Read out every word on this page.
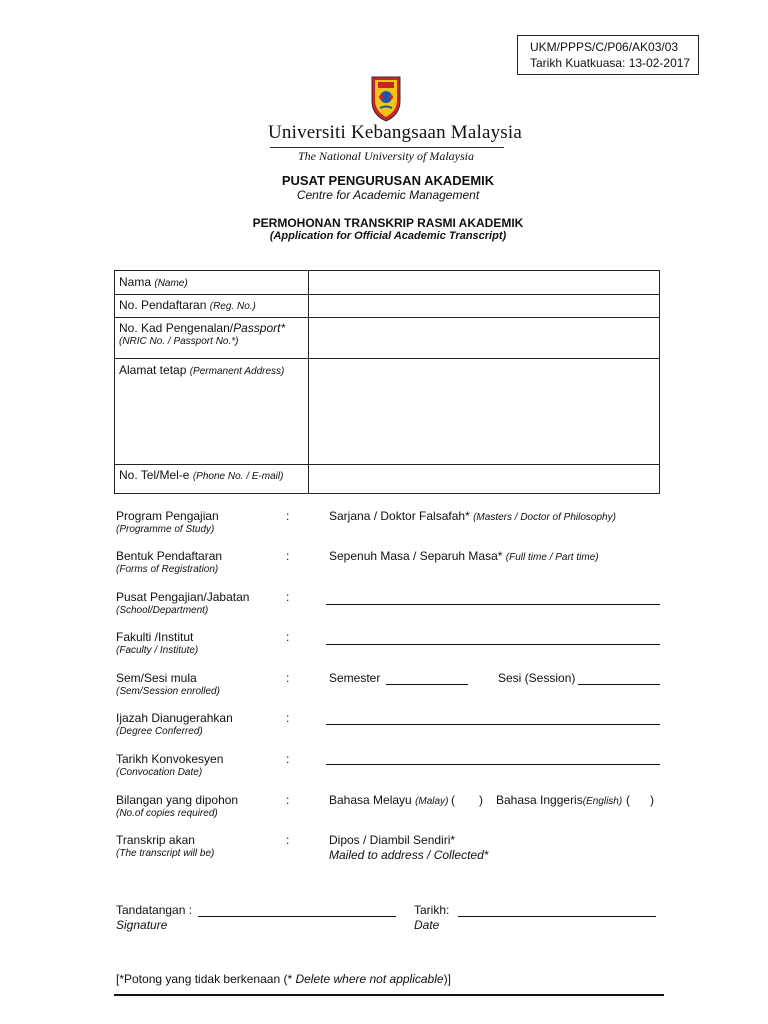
UKM/PPPS/C/P06/AK03/03
Tarikh Kuatkuasa: 13-02-2017
Universiti Kebangsaan Malaysia
The National University of Malaysia
PUSAT PENGURUSAN AKADEMIK
Centre for Academic Management
PERMOHONAN TRANSKRIP RASMI AKADEMIK
(Application for Official Academic Transcript)
Nama (Name)
No. Pendaftaran (Reg. No.)
No. Kad Pengenalan/Passport*
(NRIC No. / Passport No.*)
Alamat tetap (Permanent Address)
No. Tel/Mel-e (Phone No. / E-mail)
Program Pengajian
(Programme of Study)
:	Sarjana / Doktor Falsafah* (Masters / Doctor of Philosophy)
Bentuk Pendaftaran
(Forms of Registration)
:	Sepenuh Masa / Separuh Masa* (Full time / Part time)
Pusat Pengajian/Jabatan
(School/Department)
:
Fakulti /Institut
(Faculty / Institute)
:
Sem/Sesi mula
(Sem/Session enrolled)
:	Semester	Sesi (Session)
Ijazah Dianugerahkan
(Degree Conferred)
:
Tarikh Konvokesyen
(Convocation Date)
:
Bilangan yang dipohon
(No.of copies required)
:	Bahasa Melayu (Malay) ( ) Bahasa Inggeris(English) ( )
Transkrip akan
(The transcript will be)
:	Dipos / Diambil Sendiri*
Mailed to address / Collected*
Tandatangan :
Signature
Tarikh:
Date
[*Potong yang tidak berkenaan (* Delete where not applicable)]
